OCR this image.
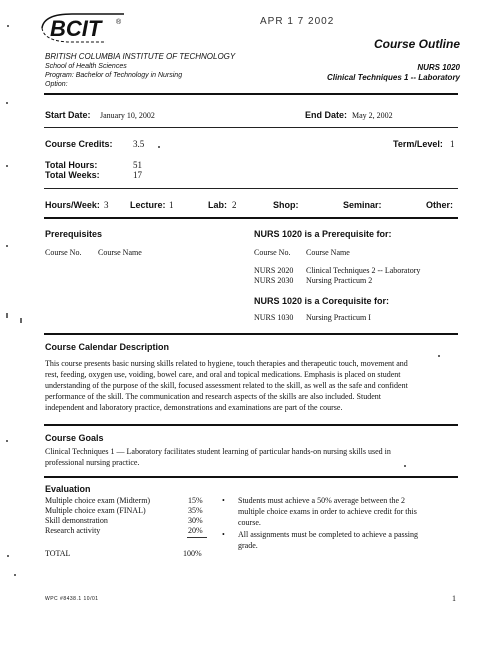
APR 1 7 2002
BCIT ®
Course Outline
BRITISH COLUMBIA INSTITUTE OF TECHNOLOGY
School of Health Sciences
Program: Bachelor of Technology in Nursing
Option:
NURS 1020
Clinical Techniques 1 -- Laboratory
Start Date: January 10, 2002	End Date: May 2, 2002
Course Credits: 3.5	Term/Level: 1
Total Hours:	51
Total Weeks:	17
Hours/Week: 3 Lecture: 1	Lab: 2	Shop:	Seminar:	Other:
Prerequisites
Course No. Course Name
NURS 1020 is a Prerequisite for:
Course No. Course Name
NURS 2020 Clinical Techniques 2 -- Laboratory
NURS 2030 Nursing Practicum 2
NURS 1020 is a Corequisite for:
NURS 1030 Nursing Practicum I
Course Calendar Description
This course presents basic nursing skills related to hygiene, touch therapies and therapeutic touch, movement and
rest, feeding, oxygen use, voiding, bowel care, and oral and topical medications. Emphasis is placed on student
understanding of the purpose of the skill, focused assessment related to the skill, as well as the safe and confident
performance of the skill. The communication and research aspects of the skills are also included. Student
independent and laboratory practice, demonstrations and examinations are part of the course.
Course Goals
Clinical Techniques 1 — Laboratory facilitates student learning of particular hands-on nursing skills used in
professional nursing practice.
Evaluation
Multiple choice exam (Midterm)	15%
Multiple choice exam (FINAL)	35%
Skill demonstration	30%
Research activity	20%
TOTAL	100%
• Students must achieve a 50% average between the 2
multiple choice exams in order to achieve credit for this
course.
• All assignments must be completed to achieve a passing
grade.
WPC #8438.1 10/01	1
